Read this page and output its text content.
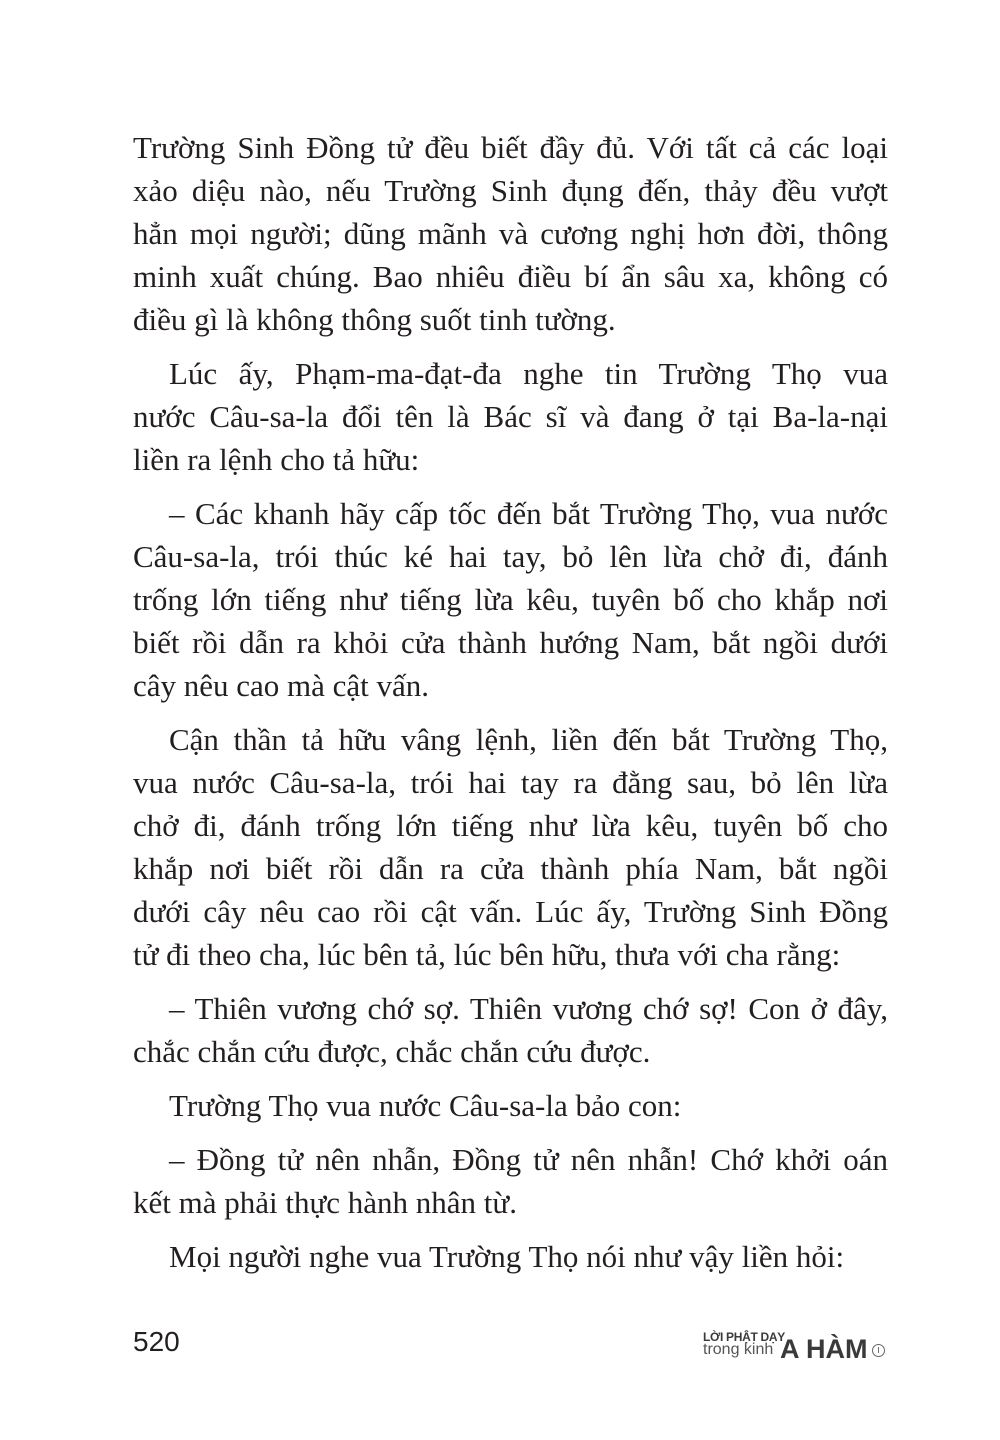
Trường Sinh Đồng tử đều biết đầy đủ. Với tất cả các loại
xảo diệu nào, nếu Trường Sinh đụng đến, thảy đều vượt
hẳn mọi người; dũng mãnh và cương nghị hơn đời, thông
minh xuất chúng. Bao nhiêu điều bí ẩn sâu xa, không có
điều gì là không thông suốt tinh tường.
Lúc ấy, Phạm-ma-đạt-đa nghe tin Trường Thọ vua
nước Câu-sa-la đổi tên là Bác sĩ và đang ở tại Ba-la-nại
liền ra lệnh cho tả hữu:
– Các khanh hãy cấp tốc đến bắt Trường Thọ, vua nước
Câu-sa-la, trói thúc ké hai tay, bỏ lên lừa chở đi, đánh
trống lớn tiếng như tiếng lừa kêu, tuyên bố cho khắp nơi
biết rồi dẫn ra khỏi cửa thành hướng Nam, bắt ngồi dưới
cây nêu cao mà cật vấn.
Cận thần tả hữu vâng lệnh, liền đến bắt Trường Thọ,
vua nước Câu-sa-la, trói hai tay ra đằng sau, bỏ lên lừa
chở đi, đánh trống lớn tiếng như lừa kêu, tuyên bố cho
khắp nơi biết rồi dẫn ra cửa thành phía Nam, bắt ngồi
dưới cây nêu cao rồi cật vấn. Lúc ấy, Trường Sinh Đồng
tử đi theo cha, lúc bên tả, lúc bên hữu, thưa với cha rằng:
– Thiên vương chớ sợ. Thiên vương chớ sợ! Con ở đây,
chắc chắn cứu được, chắc chắn cứu được.
Trường Thọ vua nước Câu-sa-la bảo con:
– Đồng tử nên nhẫn, Đồng tử nên nhẫn! Chớ khởi oán
kết mà phải thực hành nhân từ.
Mọi người nghe vua Trường Thọ nói như vậy liền hỏi:
520	LỜI PHẬT DẠY
trong kinh A HÀM	I
